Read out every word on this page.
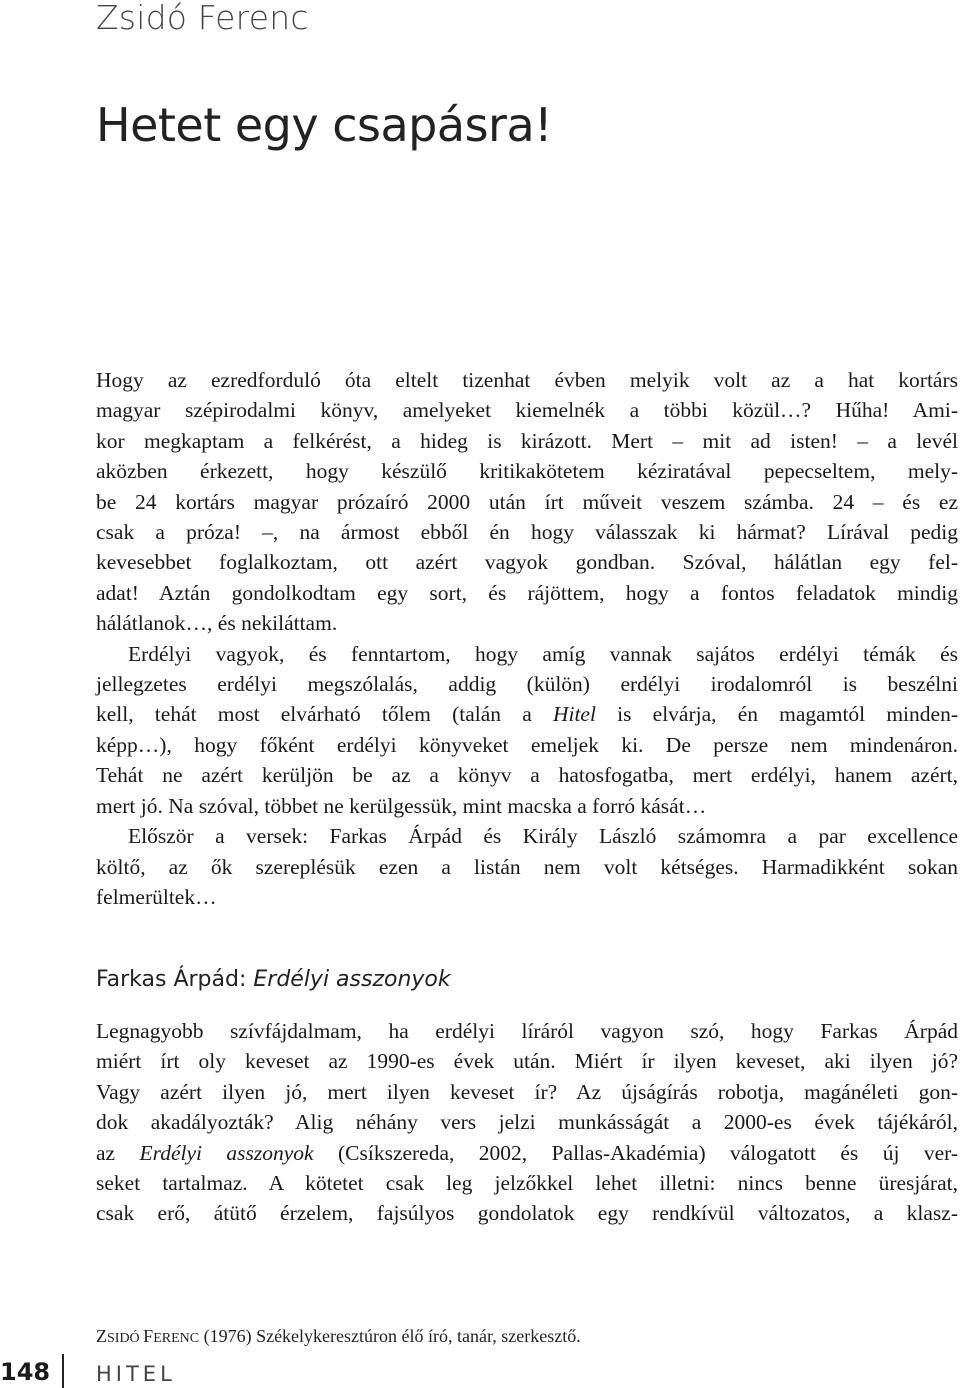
Zsidó Ferenc
Hetet egy csapásra!

Hogy az ezredforduló óta eltelt tizenhat évben melyik volt az a hat kortárs
magyar szépirodalmi könyv, amelyeket kiemelnék a többi közül…? Hűha! Ami-
kor megkaptam a felkérést, a hideg is kirázott. Mert – mit ad isten! – a levél
aközben érkezett, hogy készülő kritikakötetem kéziratával pepecseltem, mely-
be 24 kortárs magyar prózaíró 2000 után írt műveit veszem számba. 24 – és ez
csak a próza! –, na ármost ebből én hogy válasszak ki hármat? Lírával pedig
kevesebbet foglalkoztam, ott azért vagyok gondban. Szóval, hálátlan egy fel-
adat! Aztán gondolkodtam egy sort, és rájöttem, hogy a fontos feladatok mindig
hálátlanok…, és nekiláttam.

Erdélyi vagyok, és fenntartom, hogy amíg vannak sajátos erdélyi témák és
jellegzetes erdélyi megszólalás, addig (külön) erdélyi irodalomról is beszélni
kell, tehát most elvárható tőlem (talán a Hitel is elvárja, én magamtól minden-
képp…), hogy főként erdélyi könyveket emeljek ki. De persze nem mindenáron.
Tehát ne azért kerüljön be az a könyv a hatosfogatba, mert erdélyi, hanem azért,
mert jó. Na szóval, többet ne kerülgessük, mint macska a forró kását…

Először a versek: Farkas Árpád és Király László számomra a par excellence
költő, az ők szereplésük ezen a listán nem volt kétséges. Harmadikként sokan
felmerültek…

Farkas Árpád: Erdélyi asszonyok

Legnagyobb szívfájdalmam, ha erdélyi líráról vagyon szó, hogy Farkas Árpád
miért írt oly keveset az 1990-es évek után. Miért ír ilyen keveset, aki ilyen jó?
Vagy azért ilyen jó, mert ilyen keveset ír? Az újságírás robotja, magánéleti gon-
dok akadályozták? Alig néhány vers jelzi munkásságát a 2000-es évek tájékáról,
az Erdélyi asszonyok (Csíkszereda, 2002, Pallas-Akadémia) válogatott és új ver-
seket tartalmaz. A kötetet csak leg jelzőkkel lehet illetni: nincs benne üresjárat,
csak erő, átütő érzelem, fajsúlyos gondolatok egy rendkívül változatos, a klasz-

ZSIDÓ FERENC (1976) Székelykeresztúron élő író, tanár, szerkesztő.
148 HITEL
